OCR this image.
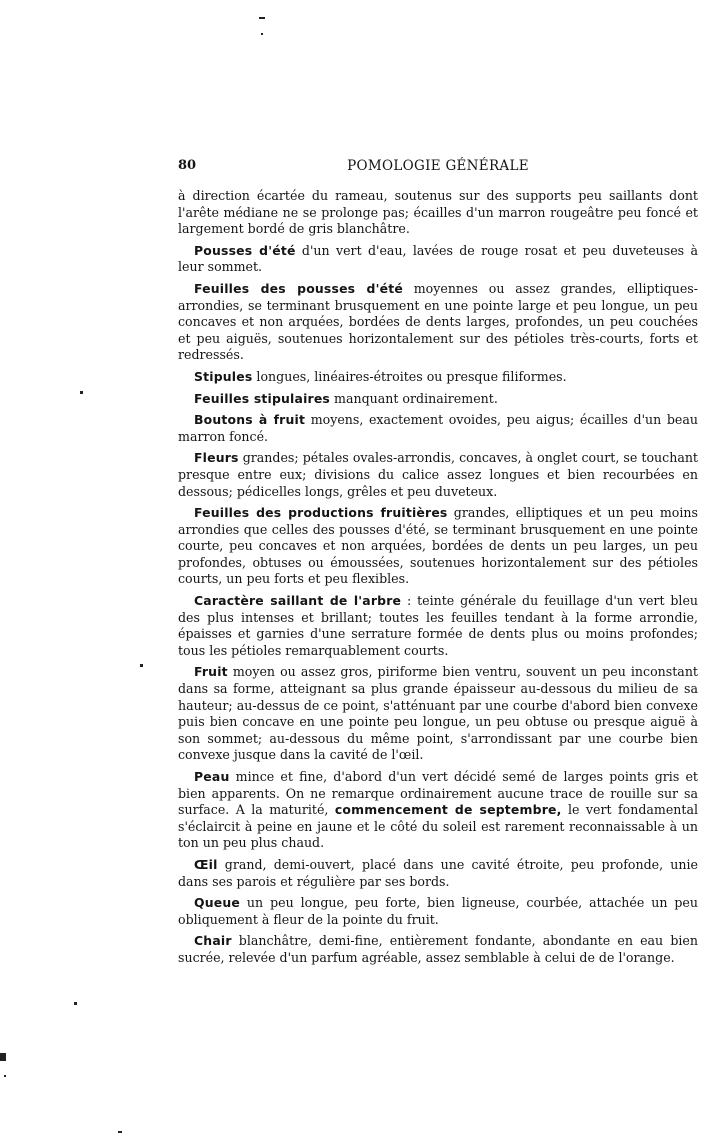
80	POMOLOGIE GÉNÉRALE

à direction écartée du rameau, soutenus sur des supports peu saillants dont l'arête médiane ne se prolonge pas; écailles d'un marron rougeâtre peu foncé et largement bordé de gris blanchâtre.

Pousses d'été d'un vert d'eau, lavées de rouge rosat et peu duveteuses à leur sommet.

Feuilles des pousses d'été moyennes ou assez grandes, elliptiques-arrondies, se terminant brusquement en une pointe large et peu longue, un peu concaves et non arquées, bordées de dents larges, profondes, un peu couchées et peu aiguës, soutenues horizontalement sur des pétioles très-courts, forts et redressés.

Stipules longues, linéaires-étroites ou presque filiformes.

Feuilles stipulaires manquant ordinairement.

Boutons à fruit moyens, exactement ovoides, peu aigus; écailles d'un beau marron foncé.

Fleurs grandes; pétales ovales-arrondis, concaves, à onglet court, se touchant presque entre eux; divisions du calice assez longues et bien recourbées en dessous; pédicelles longs, grêles et peu duveteux.

Feuilles des productions fruitières grandes, elliptiques et un peu moins arrondies que celles des pousses d'été, se terminant brusquement en une pointe courte, peu concaves et non arquées, bordées de dents un peu larges, un peu profondes, obtuses ou émoussées, soutenues horizontalement sur des pétioles courts, un peu forts et peu flexibles.

Caractère saillant de l'arbre : teinte générale du feuillage d'un vert bleu des plus intenses et brillant; toutes les feuilles tendant à la forme arrondie, épaisses et garnies d'une serrature formée de dents plus ou moins profondes; tous les pétioles remarquablement courts.

Fruit moyen ou assez gros, piriforme bien ventru, souvent un peu inconstant dans sa forme, atteignant sa plus grande épaisseur au-dessous du milieu de sa hauteur; au-dessus de ce point, s'atténuant par une courbe d'abord bien convexe puis bien concave en une pointe peu longue, un peu obtuse ou presque aiguë à son sommet; au-dessous du même point, s'arrondissant par une courbe bien convexe jusque dans la cavité de l'œil.

Peau mince et fine, d'abord d'un vert décidé semé de larges points gris et bien apparents. On ne remarque ordinairement aucune trace de rouille sur sa surface. A la maturité, commencement de septembre, le vert fondamental s'éclaircit à peine en jaune et le côté du soleil est rarement reconnaissable à un ton un peu plus chaud.

Œil grand, demi-ouvert, placé dans une cavité étroite, peu profonde, unie dans ses parois et régulière par ses bords.

Queue un peu longue, peu forte, bien ligneuse, courbée, attachée un peu obliquement à fleur de la pointe du fruit.

Chair blanchâtre, demi-fine, entièrement fondante, abondante en eau bien sucrée, relevée d'un parfum agréable, assez semblable à celui de de l'orange.
